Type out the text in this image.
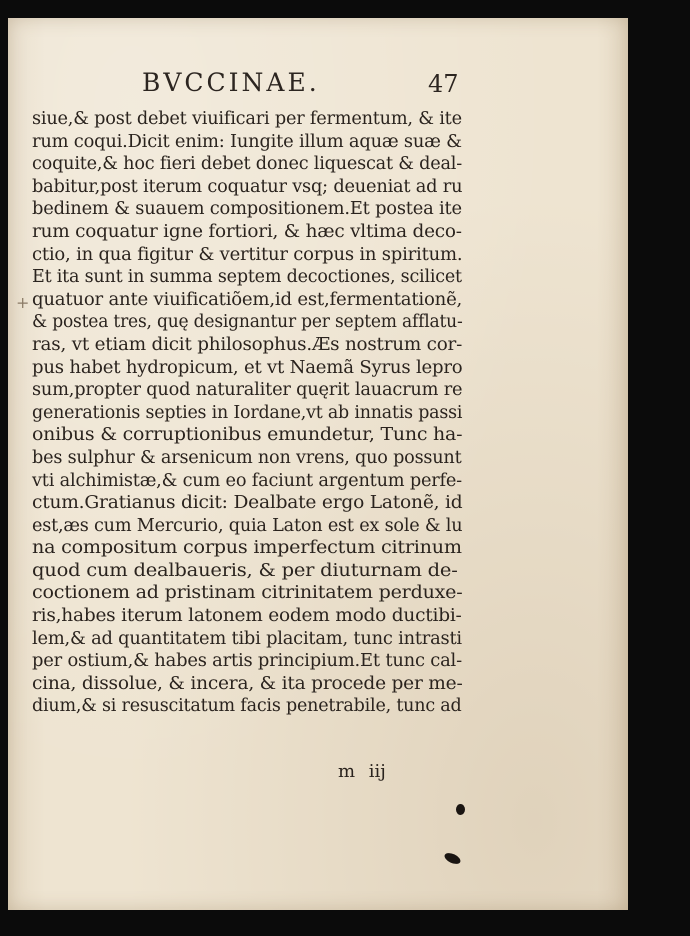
BVCCINAE.	47
+
siue,& post debet viuificari per fermentum, & ite
rum coqui.Dicit enim: Iungite illum aquæ suæ &
coquite,& hoc fieri debet donec liquescat & deal-
babitur,post iterum coquatur vsq; deueniat ad ru
bedinem & suauem compositionem.Et postea ite
rum coquatur igne fortiori, & hæc vltima deco-
ctio, in qua figitur & vertitur corpus in spiritum.
Et ita sunt in summa septem decoctiones, scilicet
quatuor ante viuificatiõem,id est,fermentationẽ,
& postea tres, quę designantur per septem afflatu-
ras, vt etiam dicit philosophus.Æs nostrum cor-
pus habet hydropicum, et vt Naemã Syrus lepro
sum,propter quod naturaliter quęrit lauacrum re
generationis septies in Iordane,vt ab innatis passi
onibus & corruptionibus emundetur, Tunc ha-
bes sulphur & arsenicum non vrens, quo possunt
vti alchimistæ,& cum eo faciunt argentum perfe-
ctum.Gratianus dicit: Dealbate ergo Latonẽ, id
est,æs cum Mercurio, quia Laton est ex sole & lu
na compositum corpus imperfectum citrinum
quod cum dealbaueris, & per diuturnam de-
coctionem ad pristinam citrinitatem perduxe-
ris,habes iterum latonem eodem modo ductibi-
lem,& ad quantitatem tibi placitam, tunc intrasti
per ostium,& habes artis principium.Et tunc cal-
cina, dissolue, & incera, & ita procede per me-
dium,& si resuscitatum facis penetrabile, tunc ad
m iij
